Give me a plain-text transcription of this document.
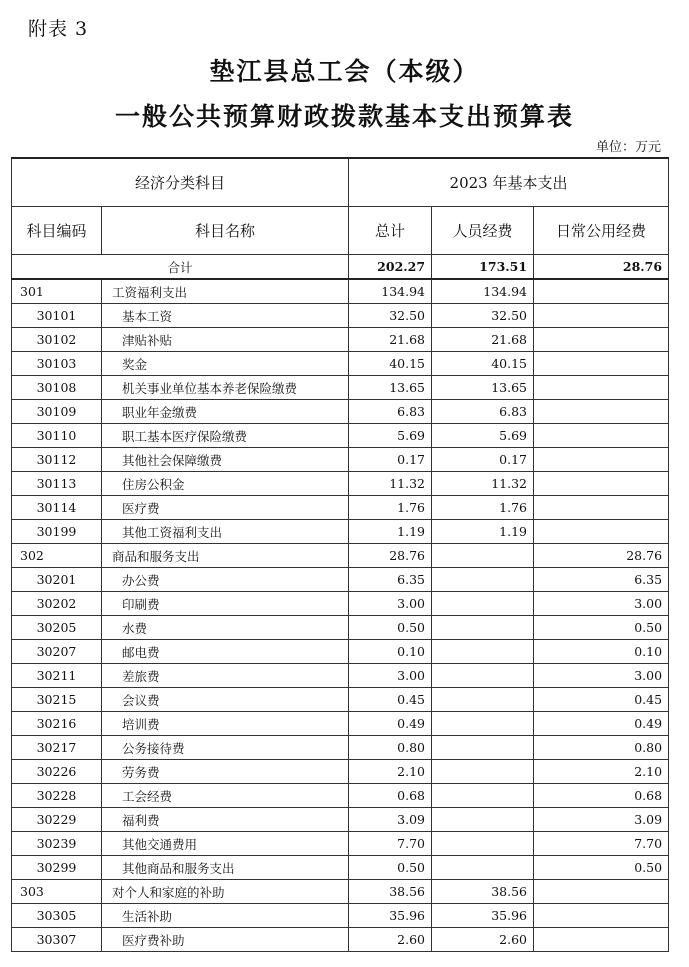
附表 3
垫江县总工会（本级）
一般公共预算财政拨款基本支出预算表
单位：万元
经济分类科目		2023 年基本支出		
科目编码	科目名称	总计	人员经费	日常公用经费
合计		202.27	173.51	28.76
301	工资福利支出	134.94	134.94	
30101	基本工资	32.50	32.50	
30102	津贴补贴	21.68	21.68	
30103	奖金	40.15	40.15	
30108	机关事业单位基本养老保险缴费	13.65	13.65	
30109	职业年金缴费	6.83	6.83	
30110	职工基本医疗保险缴费	5.69	5.69	
30112	其他社会保障缴费	0.17	0.17	
30113	住房公积金	11.32	11.32	
30114	医疗费	1.76	1.76	
30199	其他工资福利支出	1.19	1.19	
302	商品和服务支出	28.76		28.76
30201	办公费	6.35		6.35
30202	印刷费	3.00		3.00
30205	水费	0.50		0.50
30207	邮电费	0.10		0.10
30211	差旅费	3.00		3.00
30215	会议费	0.45		0.45
30216	培训费	0.49		0.49
30217	公务接待费	0.80		0.80
30226	劳务费	2.10		2.10
30228	工会经费	0.68		0.68
30229	福利费	3.09		3.09
30239	其他交通费用	7.70		7.70
30299	其他商品和服务支出	0.50		0.50
303	对个人和家庭的补助	38.56	38.56	
30305	生活补助	35.96	35.96	
30307	医疗费补助	2.60	2.60	
